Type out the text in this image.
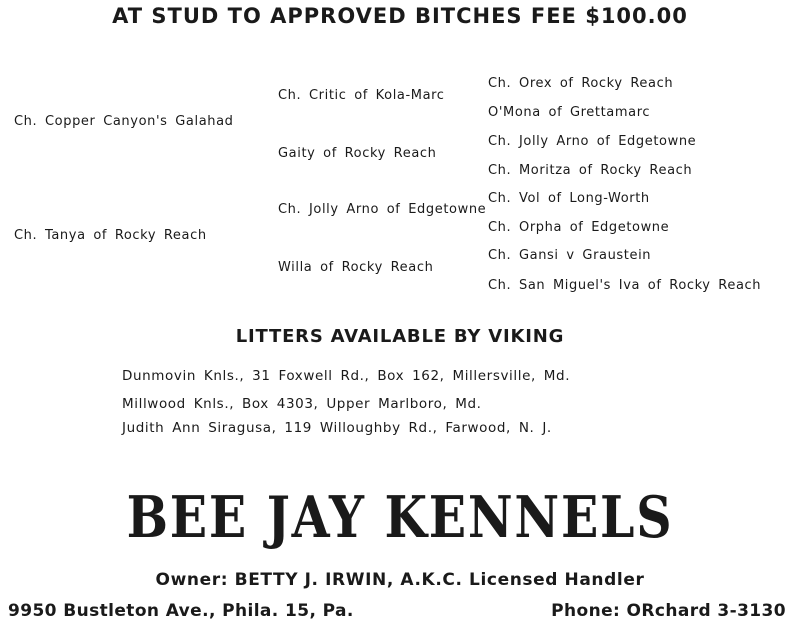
AT STUD TO APPROVED BITCHES FEE $100.00
Ch. Copper Canyon's Galahad
Ch. Tanya of Rocky Reach
Ch. Critic of Kola-Marc
Gaity of Rocky Reach
Ch. Jolly Arno of Edgetowne
Willa of Rocky Reach
Ch. Orex of Rocky Reach
O'Mona of Grettamarc
Ch. Jolly Arno of Edgetowne
Ch. Moritza of Rocky Reach
Ch. Vol of Long-Worth
Ch. Orpha of Edgetowne
Ch. Gansi v Graustein
Ch. San Miguel's Iva of Rocky Reach
LITTERS AVAILABLE BY VIKING
Dunmovin Knls., 31 Foxwell Rd., Box 162, Millersville, Md.
Millwood Knls., Box 4303, Upper Marlboro, Md.
Judith Ann Siragusa, 119 Willoughby Rd., Farwood, N. J.
BEE JAY KENNELS
Owner: BETTY J. IRWIN, A.K.C. Licensed Handler
9950 Bustleton Ave., Phila. 15, Pa.	Phone: ORchard 3-3130
